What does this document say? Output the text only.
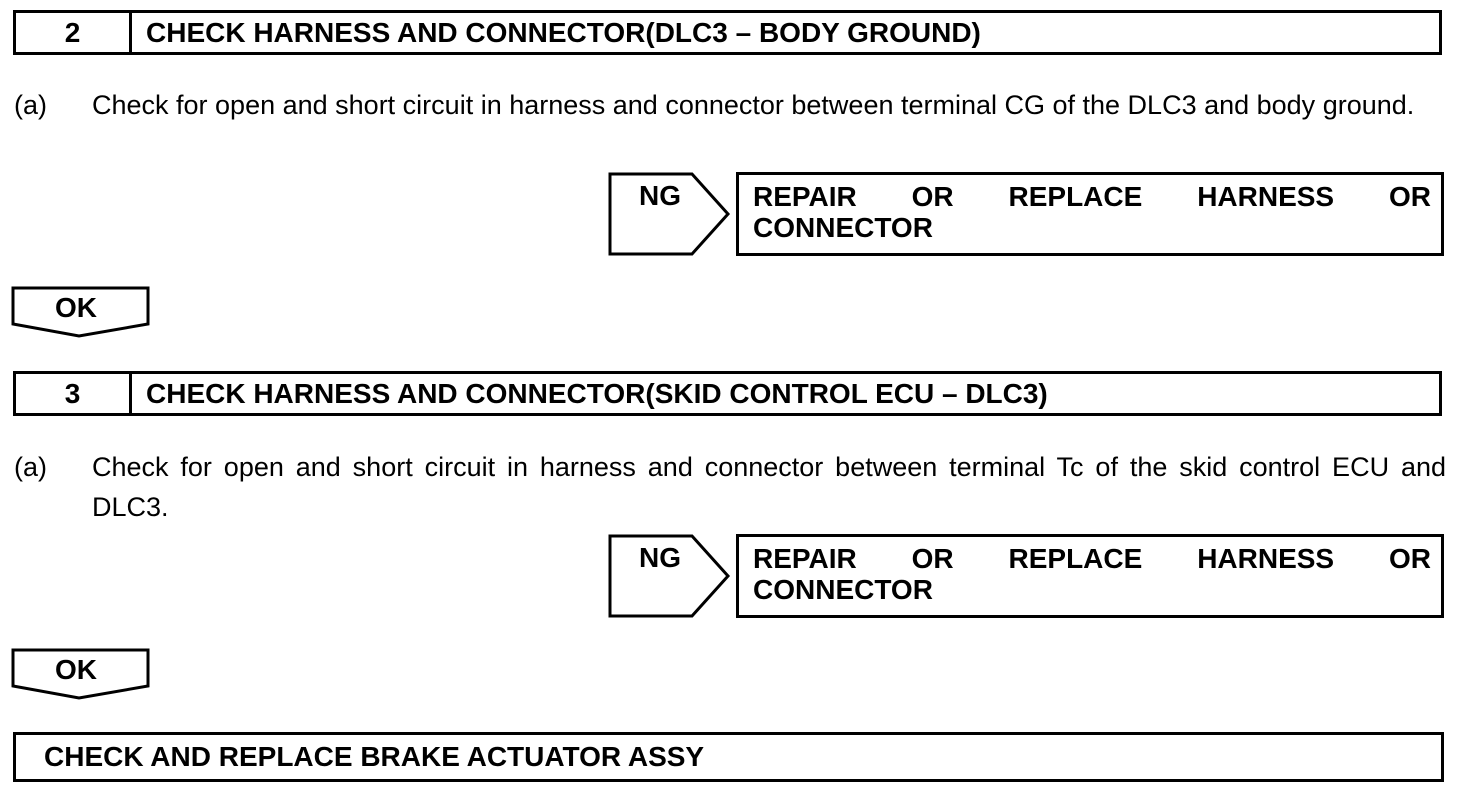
2	CHECK HARNESS AND CONNECTOR(DLC3 – BODY GROUND)
(a) Check for open and short circuit in harness and connector between terminal CG of the DLC3 and body ground.
NG	REPAIR OR REPLACE HARNESS OR
CONNECTOR
OK
3	CHECK HARNESS AND CONNECTOR(SKID CONTROL ECU – DLC3)
(a) Check for open and short circuit in harness and connector between terminal Tc of the skid control ECU and DLC3.
NG	REPAIR OR REPLACE HARNESS OR
CONNECTOR
OK
CHECK AND REPLACE BRAKE ACTUATOR ASSY
